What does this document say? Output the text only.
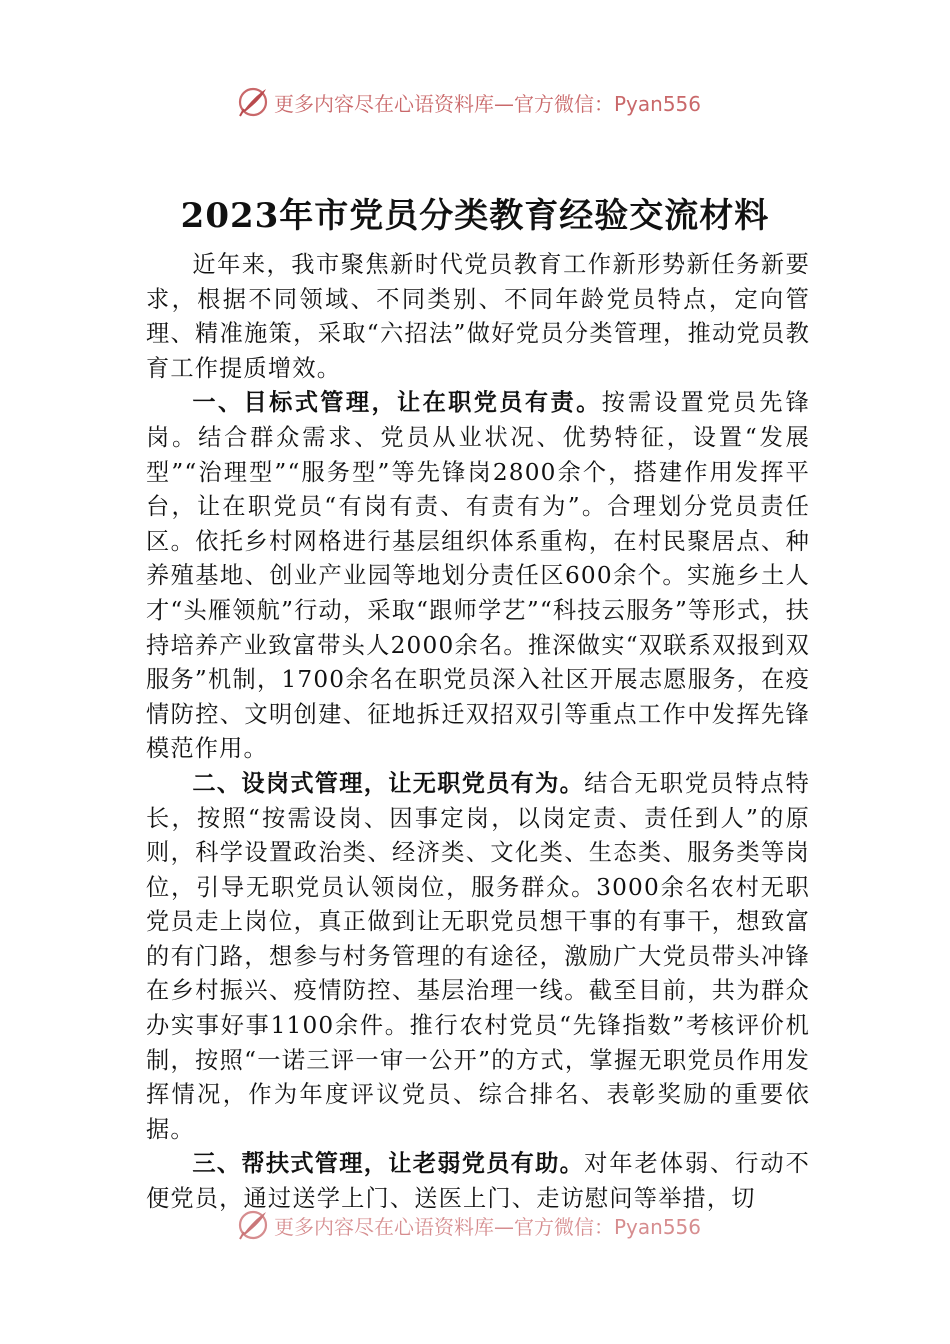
更多内容尽在心语资料库—官方微信：Pyan556
2023年市党员分类教育经验交流材料

近年来，我市聚焦新时代党员教育工作新形势新任务新要求，根据不同领域、不同类别、不同年龄党员特点，定向管理、精准施策，采取“六招法”做好党员分类管理，推动党员教育工作提质增效。

一、目标式管理，让在职党员有责。按需设置党员先锋岗。结合群众需求、党员从业状况、优势特征，设置“发展型”“治理型”“服务型”等先锋岗2800余个，搭建作用发挥平台，让在职党员“有岗有责、有责有为”。合理划分党员责任区。依托乡村网格进行基层组织体系重构，在村民聚居点、种养殖基地、创业产业园等地划分责任区600余个。实施乡土人才“头雁领航”行动，采取“跟师学艺”“科技云服务”等形式，扶持培养产业致富带头人2000余名。推深做实“双联系双报到双服务”机制，1700余名在职党员深入社区开展志愿服务，在疫情防控、文明创建、征地拆迁双招双引等重点工作中发挥先锋模范作用。

二、设岗式管理，让无职党员有为。结合无职党员特点特长，按照“按需设岗、因事定岗，以岗定责、责任到人”的原则，科学设置政治类、经济类、文化类、生态类、服务类等岗位，引导无职党员认领岗位，服务群众。3000余名农村无职党员走上岗位，真正做到让无职党员想干事的有事干，想致富的有门路，想参与村务管理的有途径，激励广大党员带头冲锋在乡村振兴、疫情防控、基层治理一线。截至目前，共为群众办实事好事1100余件。推行农村党员“先锋指数”考核评价机制，按照“一诺三评一审一公开”的方式，掌握无职党员作用发挥情况，作为年度评议党员、综合排名、表彰奖励的重要依据。

三、帮扶式管理，让老弱党员有助。对年老体弱、行动不便党员，通过送学上门、送医上门、走访慰问等举措，切

更多内容尽在心语资料库—官方微信：Pyan556
